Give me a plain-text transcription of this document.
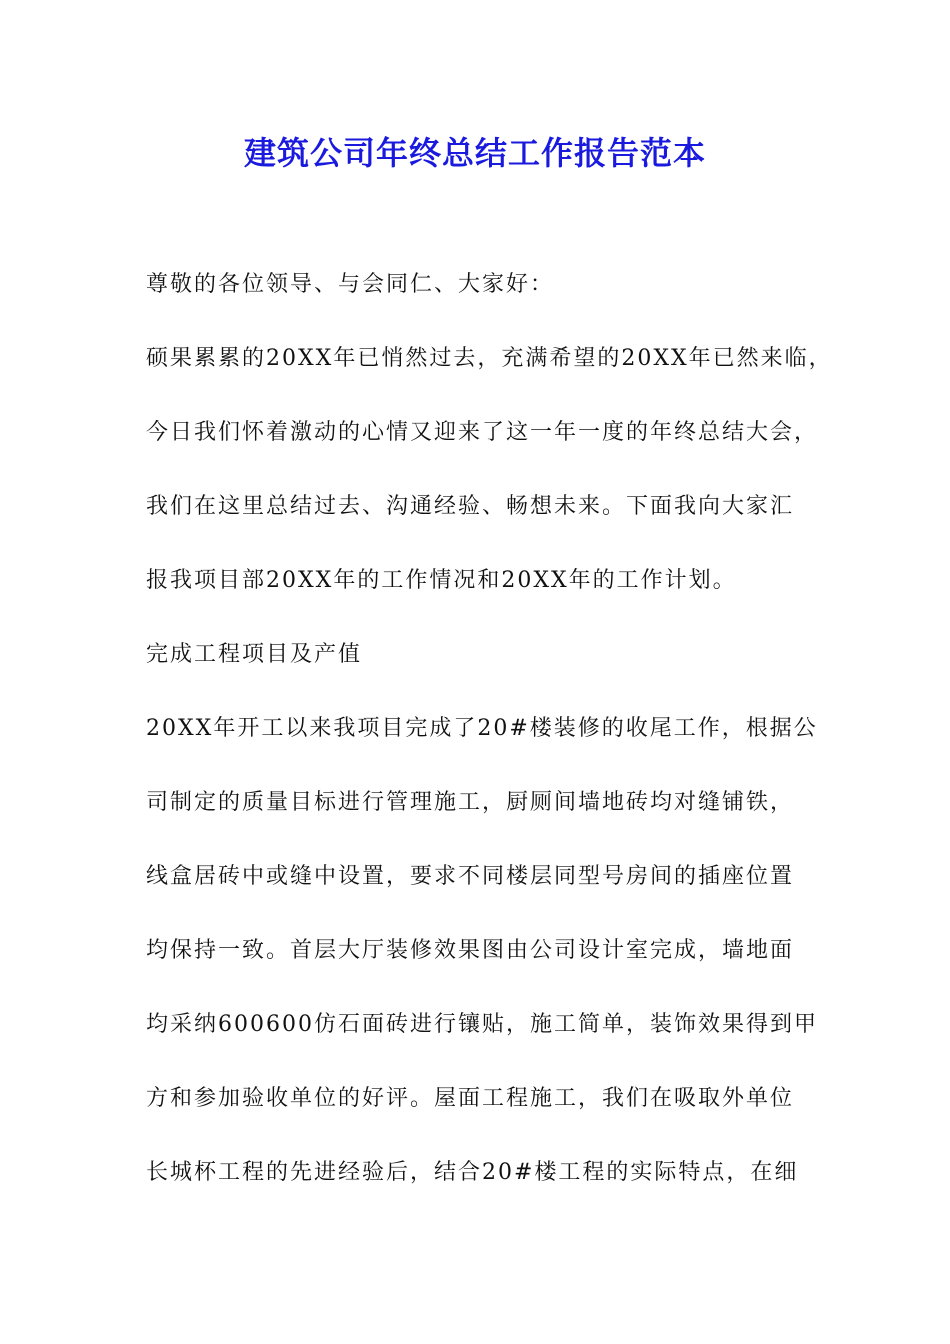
建筑公司年终总结工作报告范本
尊敬的各位领导、与会同仁、大家好：
硕果累累的20XX年已悄然过去，充满希望的20XX年已然来临，
今日我们怀着激动的心情又迎来了这一年一度的年终总结大会，
我们在这里总结过去、沟通经验、畅想未来。下面我向大家汇
报我项目部20XX年的工作情况和20XX年的工作计划。
完成工程项目及产值
20XX年开工以来我项目完成了20#楼装修的收尾工作，根据公
司制定的质量目标进行管理施工，厨厕间墙地砖均对缝铺铁，
线盒居砖中或缝中设置，要求不同楼层同型号房间的插座位置
均保持一致。首层大厅装修效果图由公司设计室完成，墙地面
均采纳600600仿石面砖进行镶贴，施工简单，装饰效果得到甲
方和参加验收单位的好评。屋面工程施工，我们在吸取外单位
长城杯工程的先进经验后，结合20#楼工程的实际特点，在细
